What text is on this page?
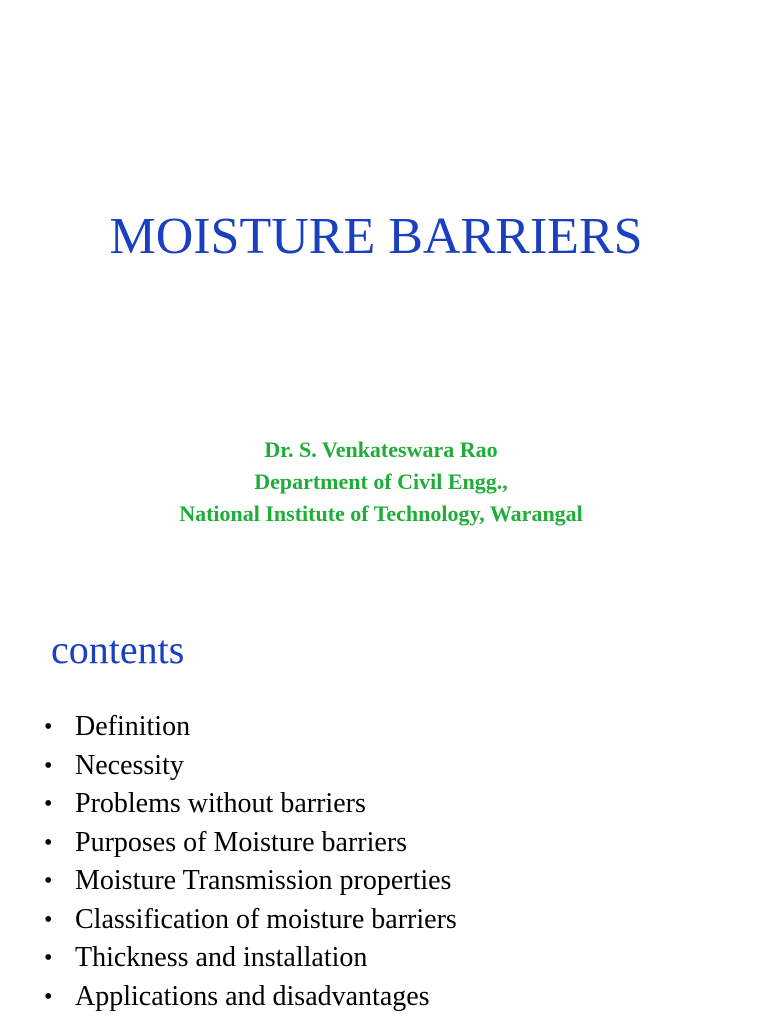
MOISTURE BARRIERS
Dr. S. Venkateswara Rao
Department of Civil Engg.,
National Institute of Technology, Warangal
contents
• Definition
• Necessity
• Problems without barriers
• Purposes of Moisture barriers
• Moisture Transmission properties
• Classification of moisture barriers
• Thickness and installation
• Applications and disadvantages
